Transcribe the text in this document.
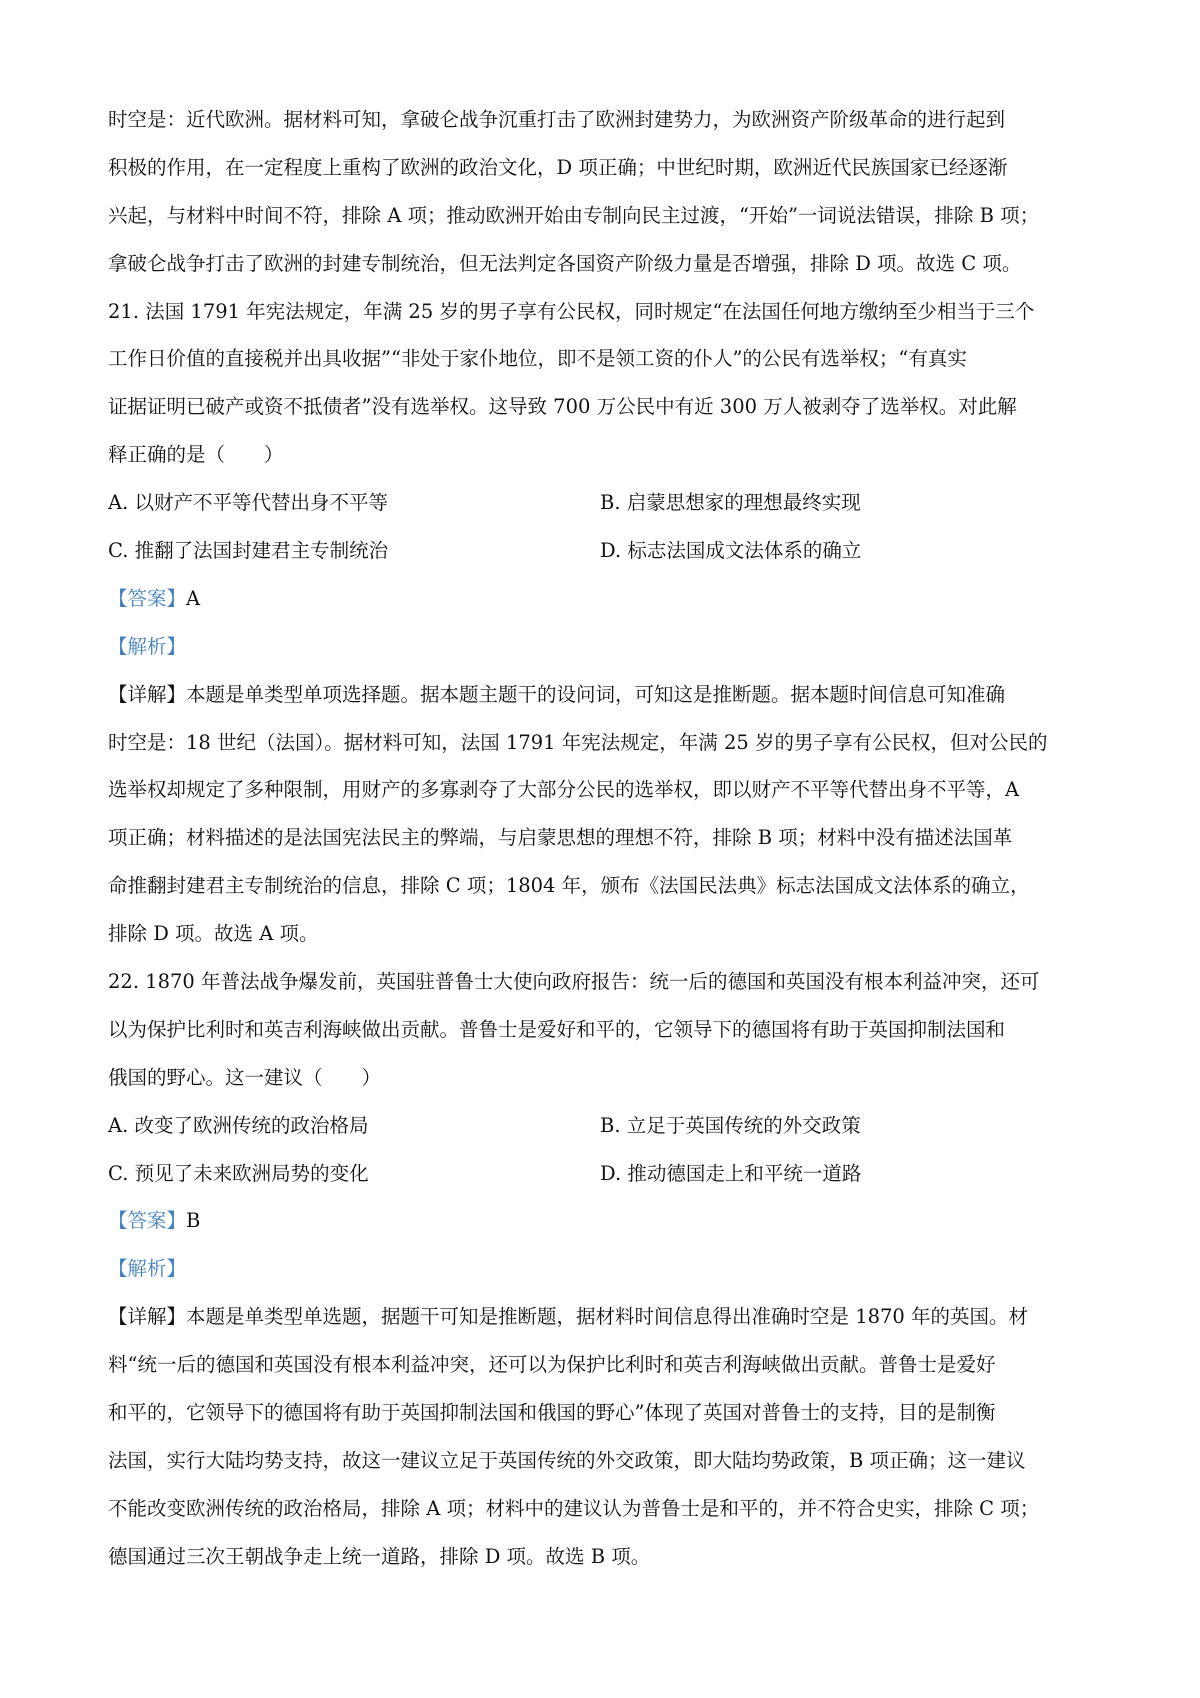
时空是：近代欧洲。据材料可知，拿破仑战争沉重打击了欧洲封建势力，为欧洲资产阶级革命的进行起到
积极的作用，在一定程度上重构了欧洲的政治文化，D 项正确；中世纪时期，欧洲近代民族国家已经逐渐
兴起，与材料中时间不符，排除 A 项；推动欧洲开始由专制向民主过渡，“开始”一词说法错误，排除 B 项；
拿破仑战争打击了欧洲的封建专制统治，但无法判定各国资产阶级力量是否增强，排除 D 项。故选 C 项。
21. 法国 1791 年宪法规定，年满 25 岁的男子享有公民权，同时规定“在法国任何地方缴纳至少相当于三个
工作日价值的直接税并出具收据”“非处于家仆地位，即不是领工资的仆人”的公民有选举权；“有真实
证据证明已破产或资不抵债者”没有选举权。这导致 700 万公民中有近 300 万人被剥夺了选举权。对此解
释正确的是（　　）
A. 以财产不平等代替出身不平等	B. 启蒙思想家的理想最终实现
C. 推翻了法国封建君主专制统治	D. 标志法国成文法体系的确立
【答案】A
【解析】
【详解】本题是单类型单项选择题。据本题主题干的设问词，可知这是推断题。据本题时间信息可知准确
时空是：18 世纪（法国）。据材料可知，法国 1791 年宪法规定，年满 25 岁的男子享有公民权，但对公民的
选举权却规定了多种限制，用财产的多寡剥夺了大部分公民的选举权，即以财产不平等代替出身不平等，A
项正确；材料描述的是法国宪法民主的弊端，与启蒙思想的理想不符，排除 B 项；材料中没有描述法国革
命推翻封建君主专制统治的信息，排除 C 项；1804 年，颁布《法国民法典》标志法国成文法体系的确立，
排除 D 项。故选 A 项。
22. 1870 年普法战争爆发前，英国驻普鲁士大使向政府报告：统一后的德国和英国没有根本利益冲突，还可
以为保护比利时和英吉利海峡做出贡献。普鲁士是爱好和平的，它领导下的德国将有助于英国抑制法国和
俄国的野心。这一建议（　　）
A. 改变了欧洲传统的政治格局	B. 立足于英国传统的外交政策
C. 预见了未来欧洲局势的变化	D. 推动德国走上和平统一道路
【答案】B
【解析】
【详解】本题是单类型单选题，据题干可知是推断题，据材料时间信息得出准确时空是 1870 年的英国。材
料“统一后的德国和英国没有根本利益冲突，还可以为保护比利时和英吉利海峡做出贡献。普鲁士是爱好
和平的，它领导下的德国将有助于英国抑制法国和俄国的野心”体现了英国对普鲁士的支持，目的是制衡
法国，实行大陆均势支持，故这一建议立足于英国传统的外交政策，即大陆均势政策，B 项正确；这一建议
不能改变欧洲传统的政治格局，排除 A 项；材料中的建议认为普鲁士是和平的，并不符合史实，排除 C 项；
德国通过三次王朝战争走上统一道路，排除 D 项。故选 B 项。
